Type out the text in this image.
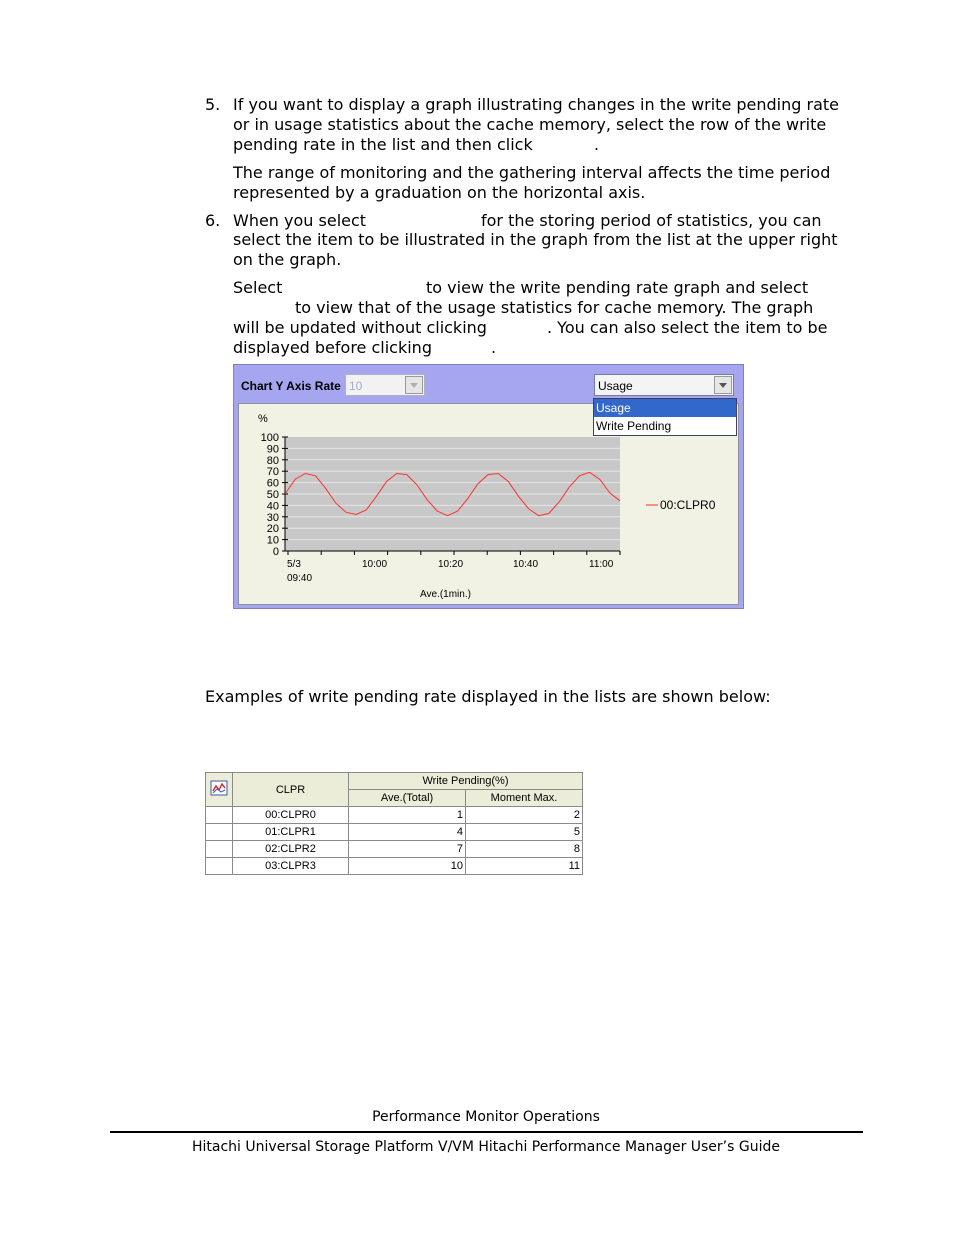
5. If you want to display a graph illustrating changes in the write pending rate
or in usage statistics about the cache memory, select the row of the write
pending rate in the list and then click	.
The range of monitoring and the gathering interval affects the time period
represented by a graduation on the horizontal axis.
6. When you select	for the storing period of statistics, you can
select the item to be illustrated in the graph from the list at the upper right
on the graph.
Select	to view the write pending rate graph and select
to view that of the usage statistics for cache memory. The graph
will be updated without clicking	. You can also select the item to be
displayed before clicking	.
Chart Y Axis Rate 10	Usage
100
90
80
70
60
50
40
30
20
10
0
%
5/3	10:00	10:20	10:40	11:00
09:40
Ave.(1min.)
00:CLPR0
Usage
Write Pending
Examples of write pending rate displayed in the lists are shown below:
	CLPR	Write Pending(%)	
		Ave.(Total)	Moment Max.
	00:CLPR0	1	2
	01:CLPR1	4	5
	02:CLPR2	7	8
	03:CLPR3	10	11
Performance Monitor Operations
Hitachi Universal Storage Platform V/VM Hitachi Performance Manager User’s Guide
